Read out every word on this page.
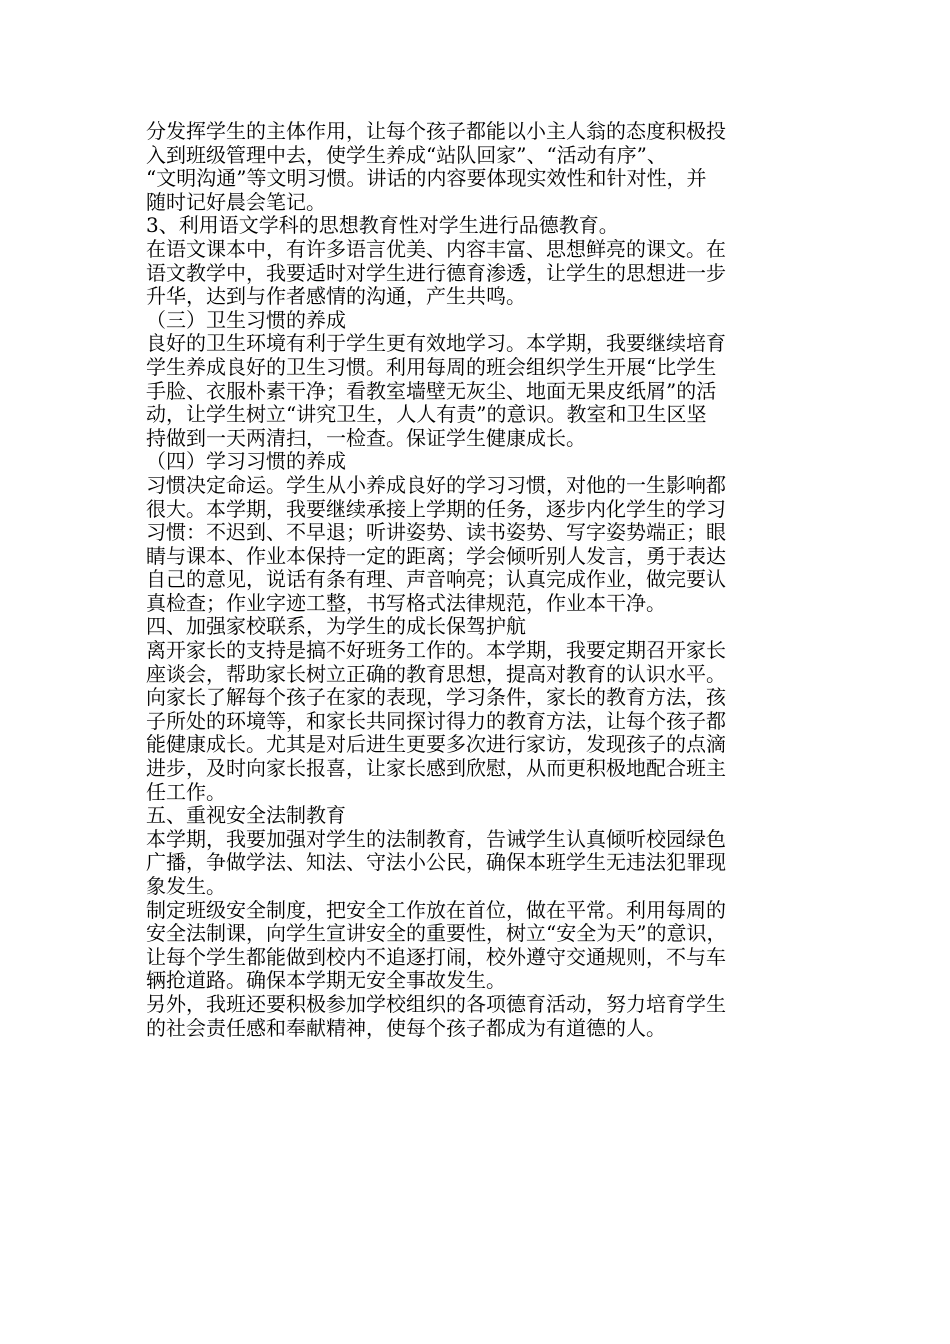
分发挥学生的主体作用，让每个孩子都能以小主人翁的态度积极投
入到班级管理中去，使学生养成“站队回家”、“活动有序”、
“文明沟通”等文明习惯。讲话的内容要体现实效性和针对性，并
随时记好晨会笔记。
3、利用语文学科的思想教育性对学生进行品德教育。
在语文课本中，有许多语言优美、内容丰富、思想鲜亮的课文。在
语文教学中，我要适时对学生进行德育渗透，让学生的思想进一步
升华，达到与作者感情的沟通，产生共鸣。
（三）卫生习惯的养成
良好的卫生环境有利于学生更有效地学习。本学期，我要继续培育
学生养成良好的卫生习惯。利用每周的班会组织学生开展“比学生
手脸、衣服朴素干净；看教室墙壁无灰尘、地面无果皮纸屑”的活
动，让学生树立“讲究卫生，人人有责”的意识。教室和卫生区坚
持做到一天两清扫，一检查。保证学生健康成长。
（四）学习习惯的养成
习惯决定命运。学生从小养成良好的学习习惯，对他的一生影响都
很大。本学期，我要继续承接上学期的任务，逐步内化学生的学习
习惯：不迟到、不早退；听讲姿势、读书姿势、写字姿势端正；眼
睛与课本、作业本保持一定的距离；学会倾听别人发言，勇于表达
自己的意见，说话有条有理、声音响亮；认真完成作业，做完要认
真检查；作业字迹工整，书写格式法律规范，作业本干净。
四、加强家校联系，为学生的成长保驾护航
离开家长的支持是搞不好班务工作的。本学期，我要定期召开家长
座谈会，帮助家长树立正确的教育思想，提高对教育的认识水平。
向家长了解每个孩子在家的表现，学习条件，家长的教育方法，孩
子所处的环境等，和家长共同探讨得力的教育方法，让每个孩子都
能健康成长。尤其是对后进生更要多次进行家访，发现孩子的点滴
进步，及时向家长报喜，让家长感到欣慰，从而更积极地配合班主
任工作。
五、重视安全法制教育
本学期，我要加强对学生的法制教育，告诫学生认真倾听校园绿色
广播，争做学法、知法、守法小公民，确保本班学生无违法犯罪现
象发生。
制定班级安全制度，把安全工作放在首位，做在平常。利用每周的
安全法制课，向学生宣讲安全的重要性，树立“安全为天”的意识，
让每个学生都能做到校内不追逐打闹，校外遵守交通规则，不与车
辆抢道路。确保本学期无安全事故发生。
另外，我班还要积极参加学校组织的各项德育活动，努力培育学生
的社会责任感和奉献精神，使每个孩子都成为有道德的人。
